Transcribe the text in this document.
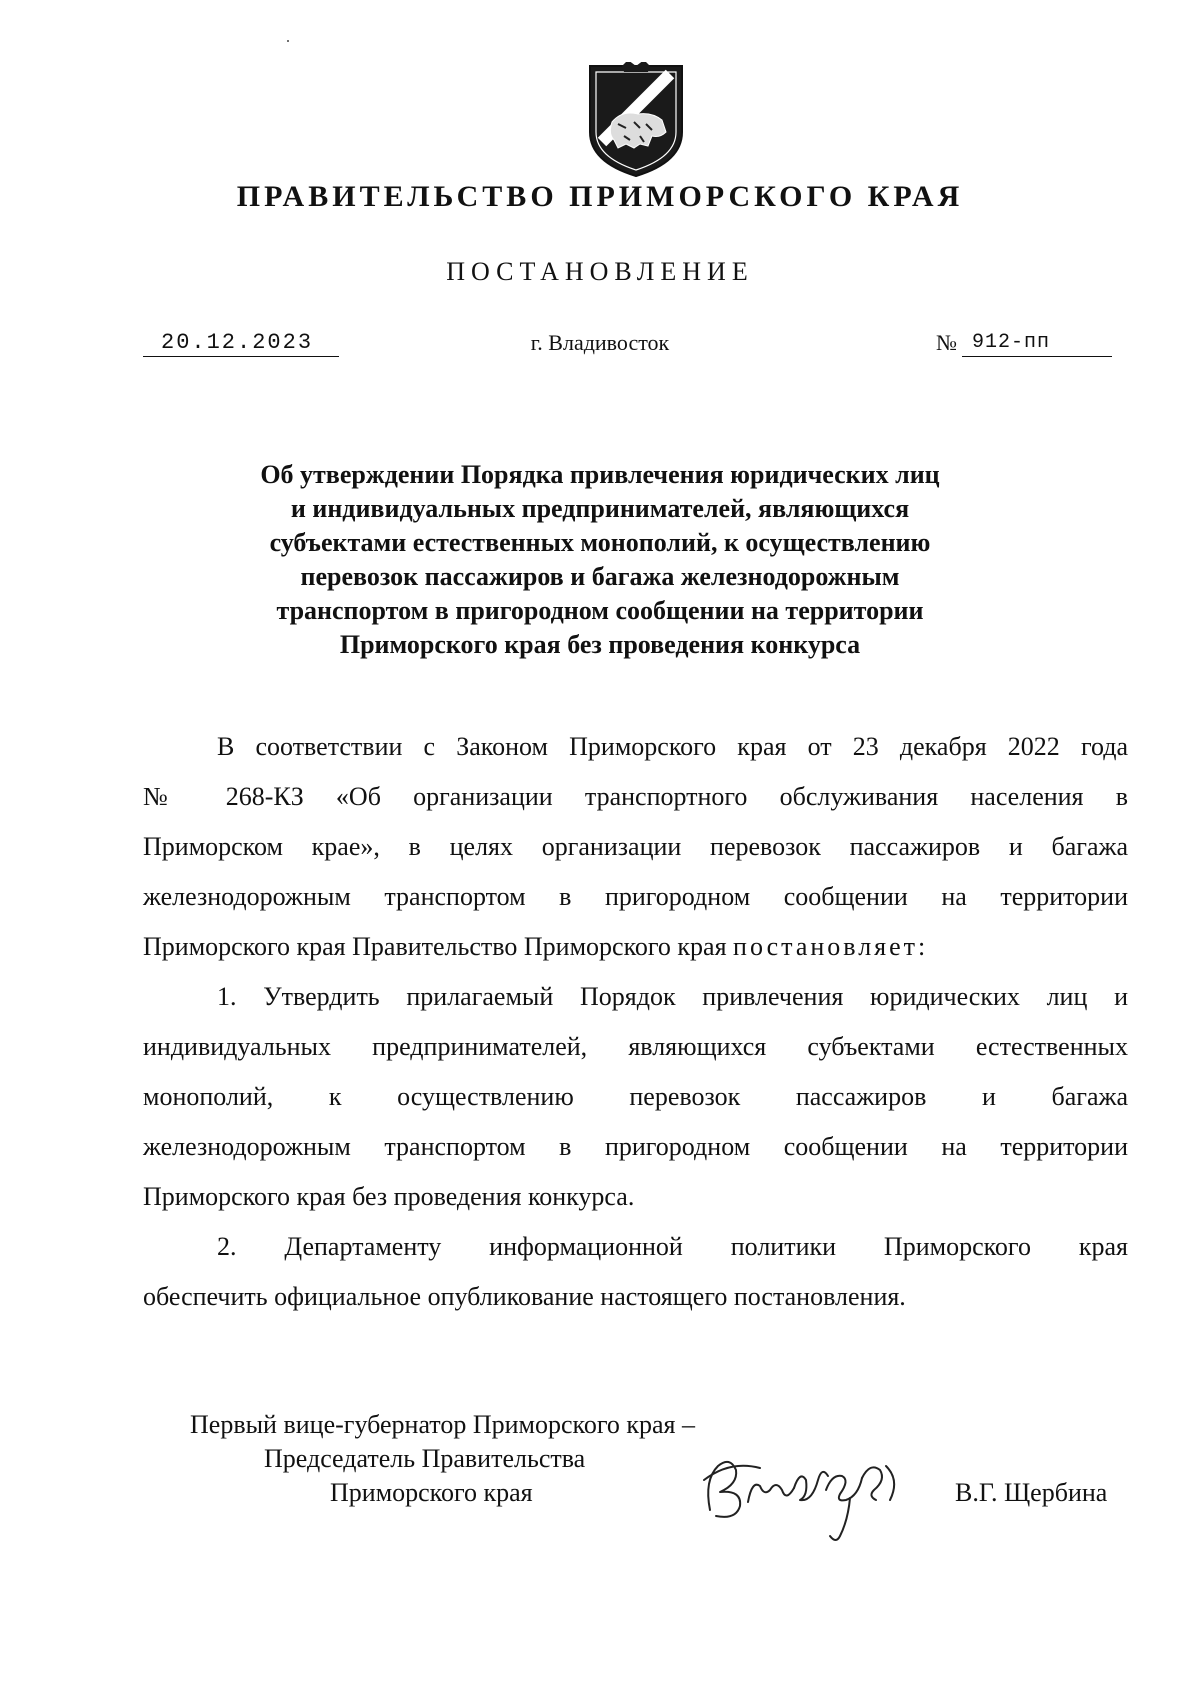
ПРАВИТЕЛЬСТВО ПРИМОРСКОГО КРАЯ
ПОСТАНОВЛЕНИЕ
20.12.2023	г. Владивосток	№ 912-пп
Об утверждении Порядка привлечения юридических лиц
и индивидуальных предпринимателей, являющихся
субъектами естественных монополий, к осуществлению
перевозок пассажиров и багажа железнодорожным
транспортом в пригородном сообщении на территории
Приморского края без проведения конкурса
В соответствии с Законом Приморского края от 23 декабря 2022 года
№ 268-КЗ «Об организации транспортного обслуживания населения в
Приморском крае», в целях организации перевозок пассажиров и багажа
железнодорожным транспортом в пригородном сообщении на территории
Приморского края Правительство Приморского края постановляет:
1. Утвердить прилагаемый Порядок привлечения юридических лиц и
индивидуальных предпринимателей, являющихся субъектами естественных
монополий, к осуществлению перевозок пассажиров и багажа
железнодорожным транспортом в пригородном сообщении на территории
Приморского края без проведения конкурса.
2. Департаменту информационной политики Приморского края
обеспечить официальное опубликование настоящего постановления.
Первый вице-губернатор Приморского края –
Председатель Правительства
Приморского края	В.Г. Щербина
